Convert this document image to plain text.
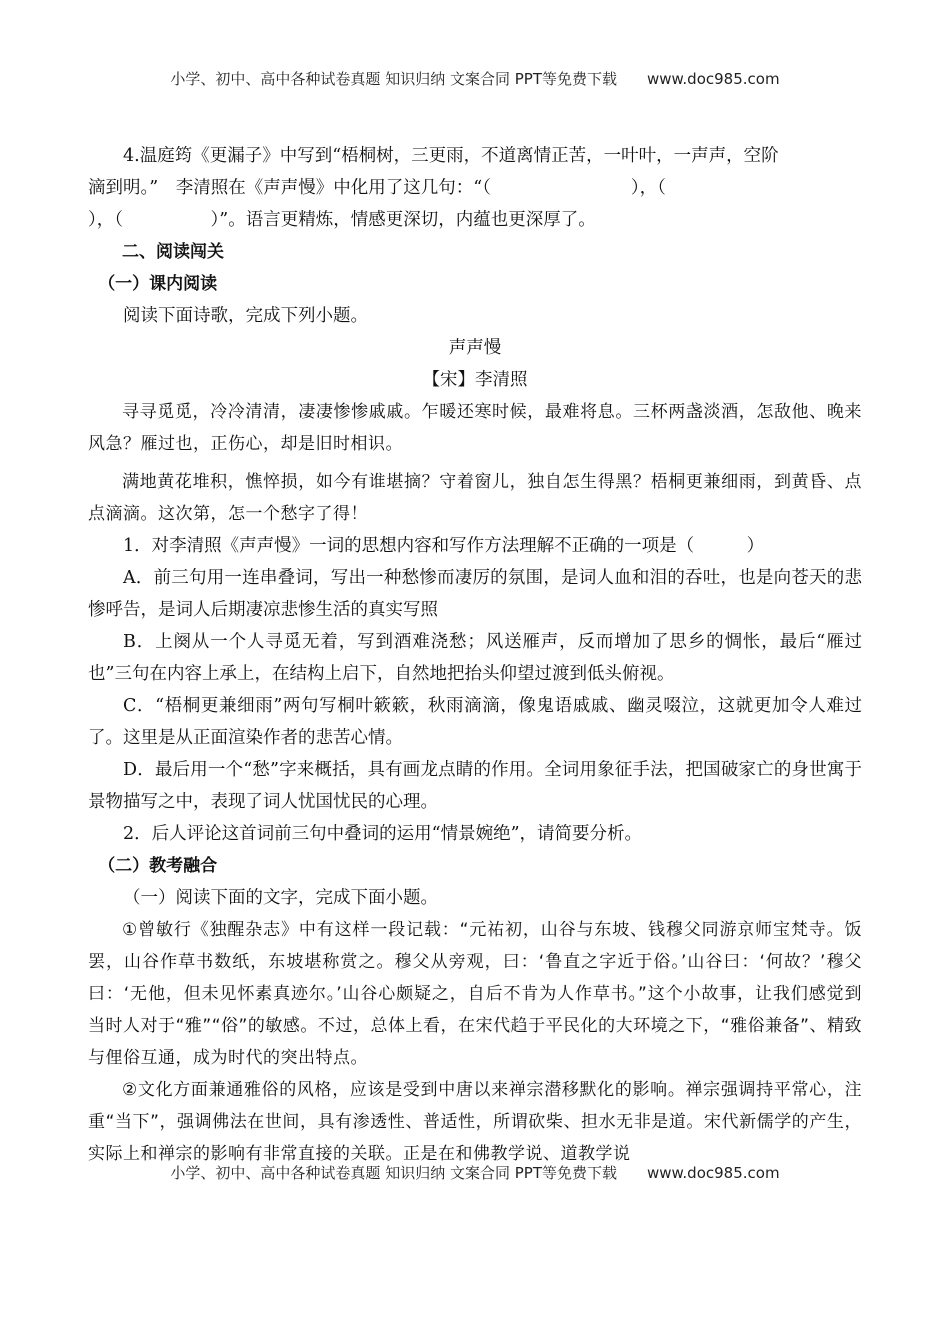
小学、初中、高中各种试卷真题 知识归纳 文案合同 PPT等免费下载 www.doc985.com

4.温庭筠《更漏子》中写到“梧桐树，三更雨，不道离情正苦，一叶叶，一声声，空阶

滴到明。”　李清照在《声声慢》中化用了这几句：“（　　　　　　　　），（

），（　　　　　）”。语言更精炼，情感更深切，内蕴也更深厚了。

二、阅读闯关

（一）课内阅读

阅读下面诗歌，完成下列小题。

声声慢

【宋】李清照

寻寻觅觅，冷冷清清，凄凄惨惨戚戚。乍暖还寒时候，最难将息。三杯两盏淡酒，怎敌他、晚来风急？雁过也，正伤心，却是旧时相识。

满地黄花堆积，憔悴损，如今有谁堪摘？守着窗儿，独自怎生得黑？梧桐更兼细雨，到黄昏、点点滴滴。这次第，怎一个愁字了得！

1．对李清照《声声慢》一词的思想内容和写作方法理解不正确的一项是（　　　）

A．前三句用一连串叠词，写出一种愁惨而凄厉的氛围，是词人血和泪的吞吐，也是向苍天的悲惨呼告，是词人后期凄凉悲惨生活的真实写照

B．上阕从一个人寻觅无着，写到酒难浇愁；风送雁声，反而增加了思乡的惆怅，最后“雁过也”三句在内容上承上，在结构上启下，自然地把抬头仰望过渡到低头俯视。

C．“梧桐更兼细雨”两句写桐叶簌簌，秋雨滴滴，像鬼语戚戚、幽灵啜泣，这就更加令人难过了。这里是从正面渲染作者的悲苦心情。

D．最后用一个“愁”字来概括，具有画龙点睛的作用。全词用象征手法，把国破家亡的身世寓于景物描写之中，表现了词人忧国忧民的心理。

2．后人评论这首词前三句中叠词的运用“情景婉绝”，请简要分析。

（二）教考融合

（一）阅读下面的文字，完成下面小题。

①曾敏行《独醒杂志》中有这样一段记载：“元祐初，山谷与东坡、钱穆父同游京师宝梵寺。饭罢，山谷作草书数纸，东坡堪称赏之。穆父从旁观，曰：‘鲁直之字近于俗。’山谷曰：‘何故？’穆父曰：‘无他，但未见怀素真迹尔。’山谷心颇疑之，自后不肯为人作草书。”这个小故事，让我们感觉到当时人对于“雅”“俗”的敏感。不过，总体上看，在宋代趋于平民化的大环境之下，“雅俗兼备”、精致与俚俗互通，成为时代的突出特点。

②文化方面兼通雅俗的风格，应该是受到中唐以来禅宗潜移默化的影响。禅宗强调持平常心，注重“当下”，强调佛法在世间，具有渗透性、普适性，所谓砍柴、担水无非是道。宋代新儒学的产生，实际上和禅宗的影响有非常直接的关联。正是在和佛教学说、道教学说

小学、初中、高中各种试卷真题 知识归纳 文案合同 PPT等免费下载 www.doc985.com
